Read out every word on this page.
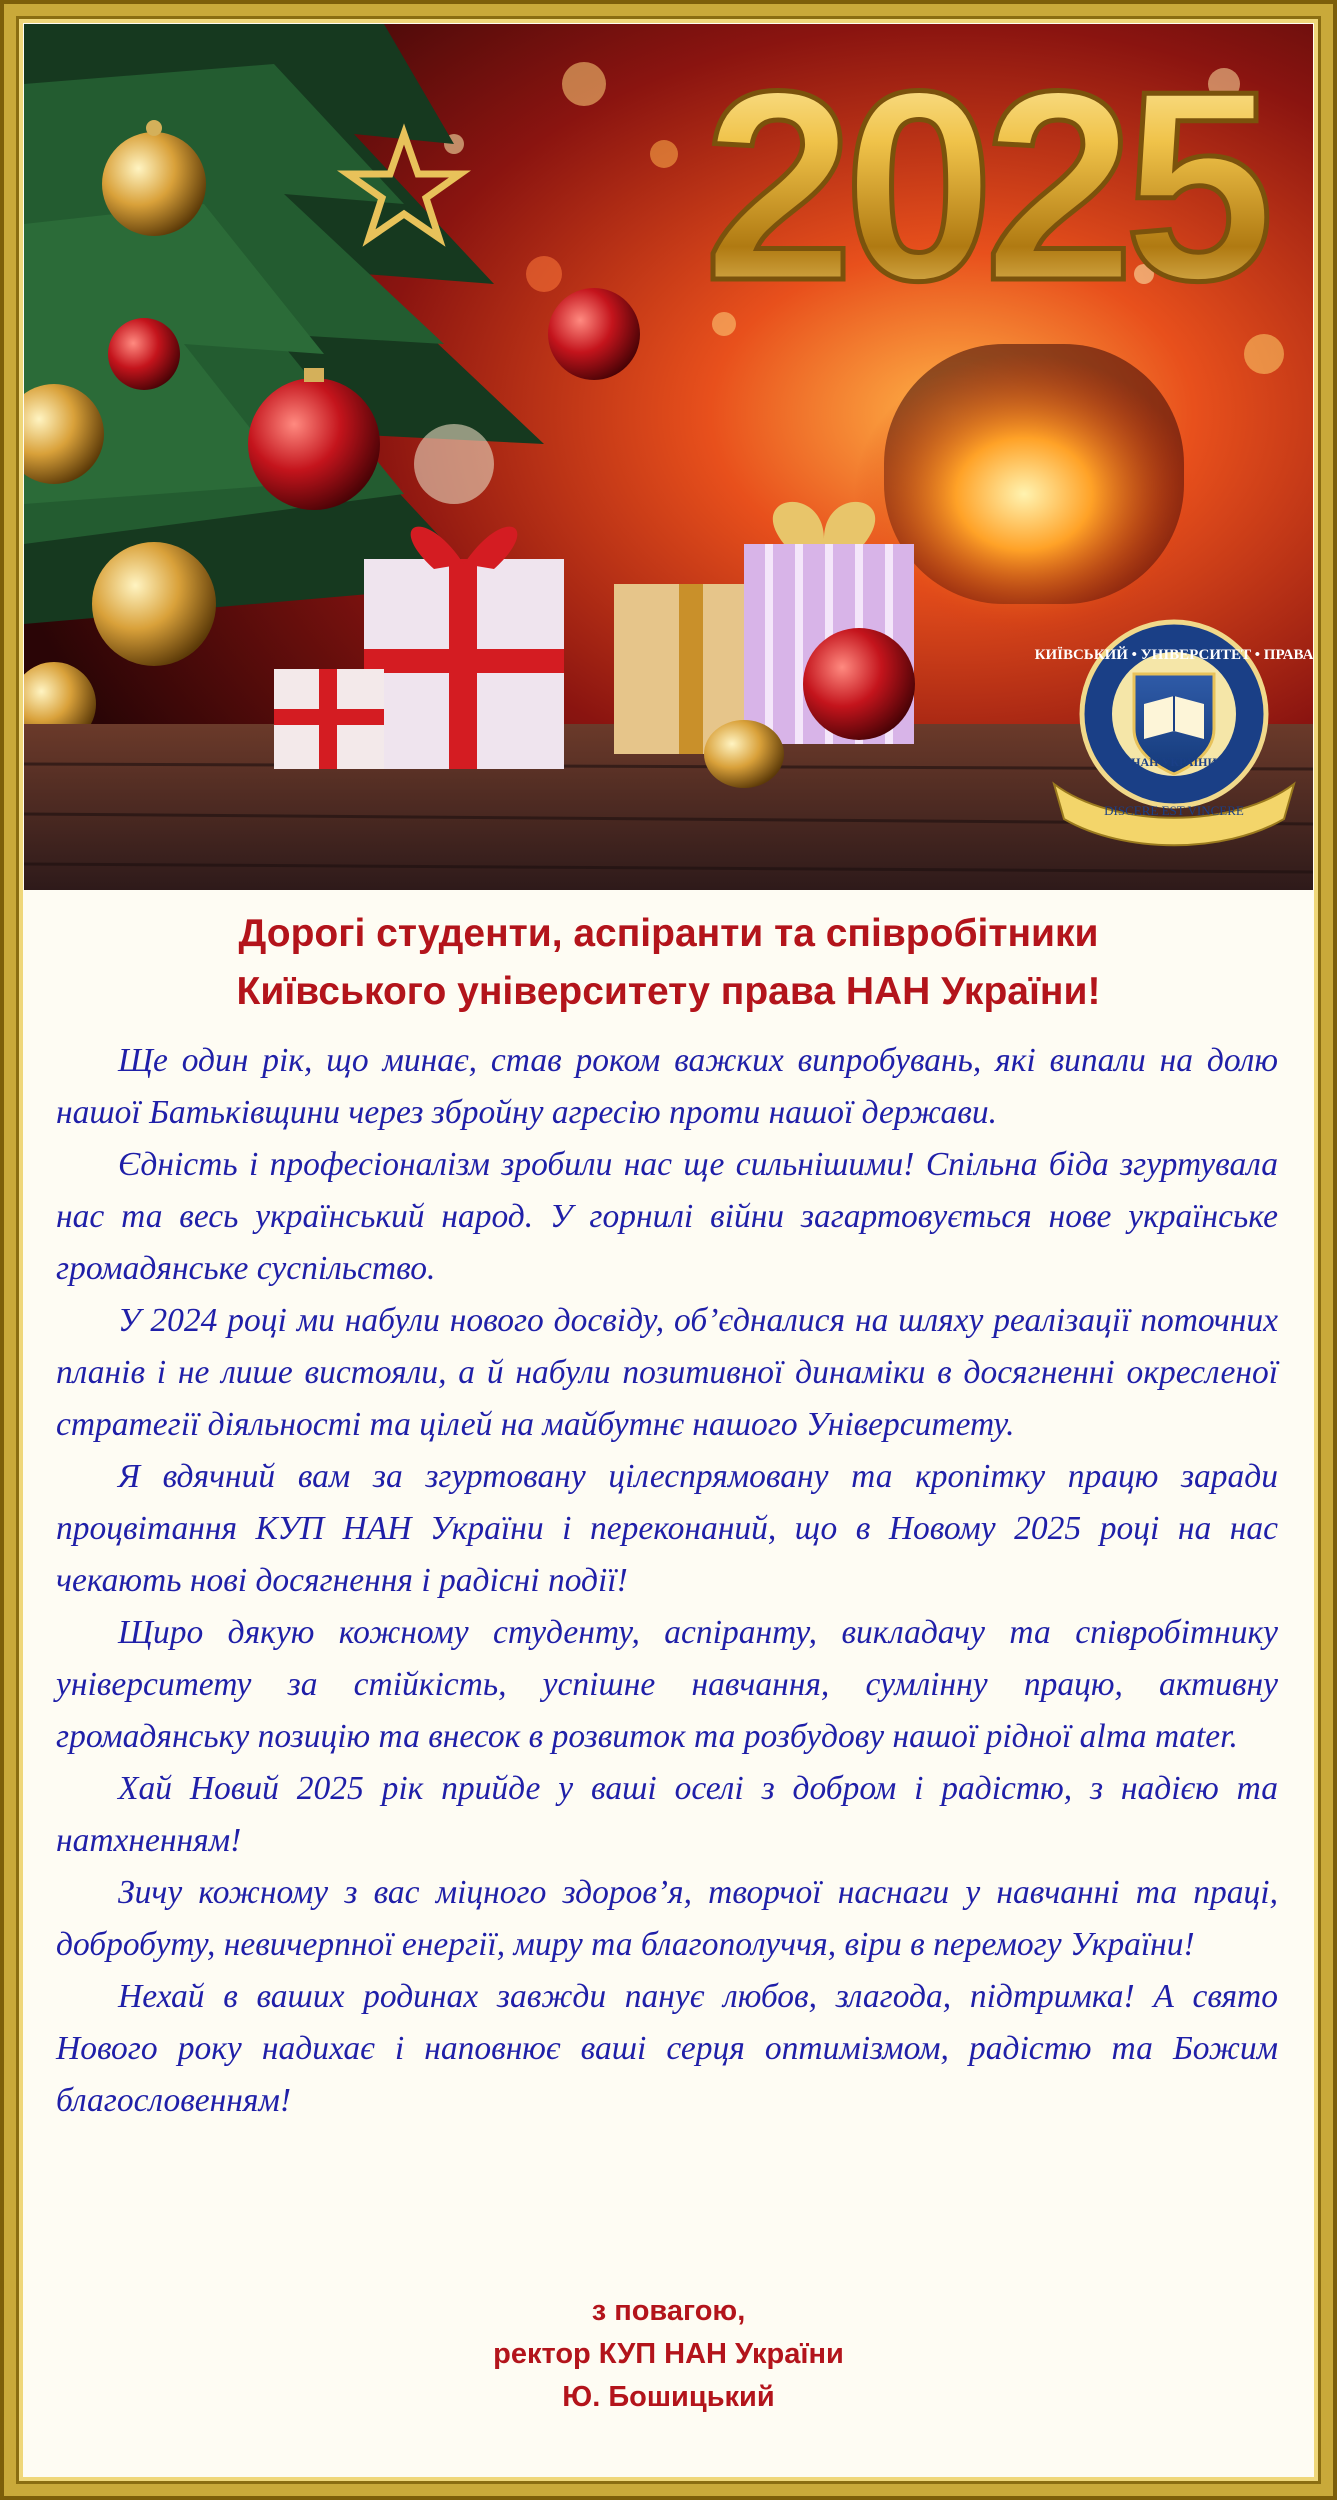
2025
КИЇВСЬКИЙ • УНІВЕРСИТЕТ • ПРАВА
НАН УКРАЇНИ
DISCERE EST VINCERE
Дорогі студенти, аспіранти та співробітники
Київського університету права НАН України!

Ще один рік, що минає, став роком важких випробувань, які випали на долю нашої Батьківщини через збройну агресію проти нашої держави.

Єдність і професіоналізм зробили нас ще сильнішими! Спільна біда згуртувала нас та весь український народ. У горнилі війни загартовується нове українське громадянське суспільство.

У 2024 році ми набули нового досвіду, об’єдналися на шляху реалізації поточних планів і не лише вистояли, а й набули позитивної динаміки в досягненні окресленої стратегії діяльності та цілей на майбутнє нашого Університету.

Я вдячний вам за згуртовану цілеспрямовану та кропітку працю заради процвітання КУП НАН України і переконаний, що в Новому 2025 році на нас чекають нові досягнення і радісні події!

Щиро дякую кожному студенту, аспіранту, викладачу та співробітнику університету за стійкість, успішне навчання, сумлінну працю, активну громадянську позицію та внесок в розвиток та розбудову нашої рідної alma mater.

Хай Новий 2025 рік прийде у ваші оселі з добром і радістю, з надією та натхненням!

Зичу кожному з вас міцного здоров’я, творчої наснаги у навчанні та праці, добробуту, невичерпної енергії, миру та благополуччя, віри в перемогу України!

Нехай в ваших родинах завжди панує любов, злагода, підтримка! А свято Нового року надихає і наповнює ваші серця оптимізмом, радістю та Божим благословенням!

з повагою,
ректор КУП НАН України
Ю. Бошицький
